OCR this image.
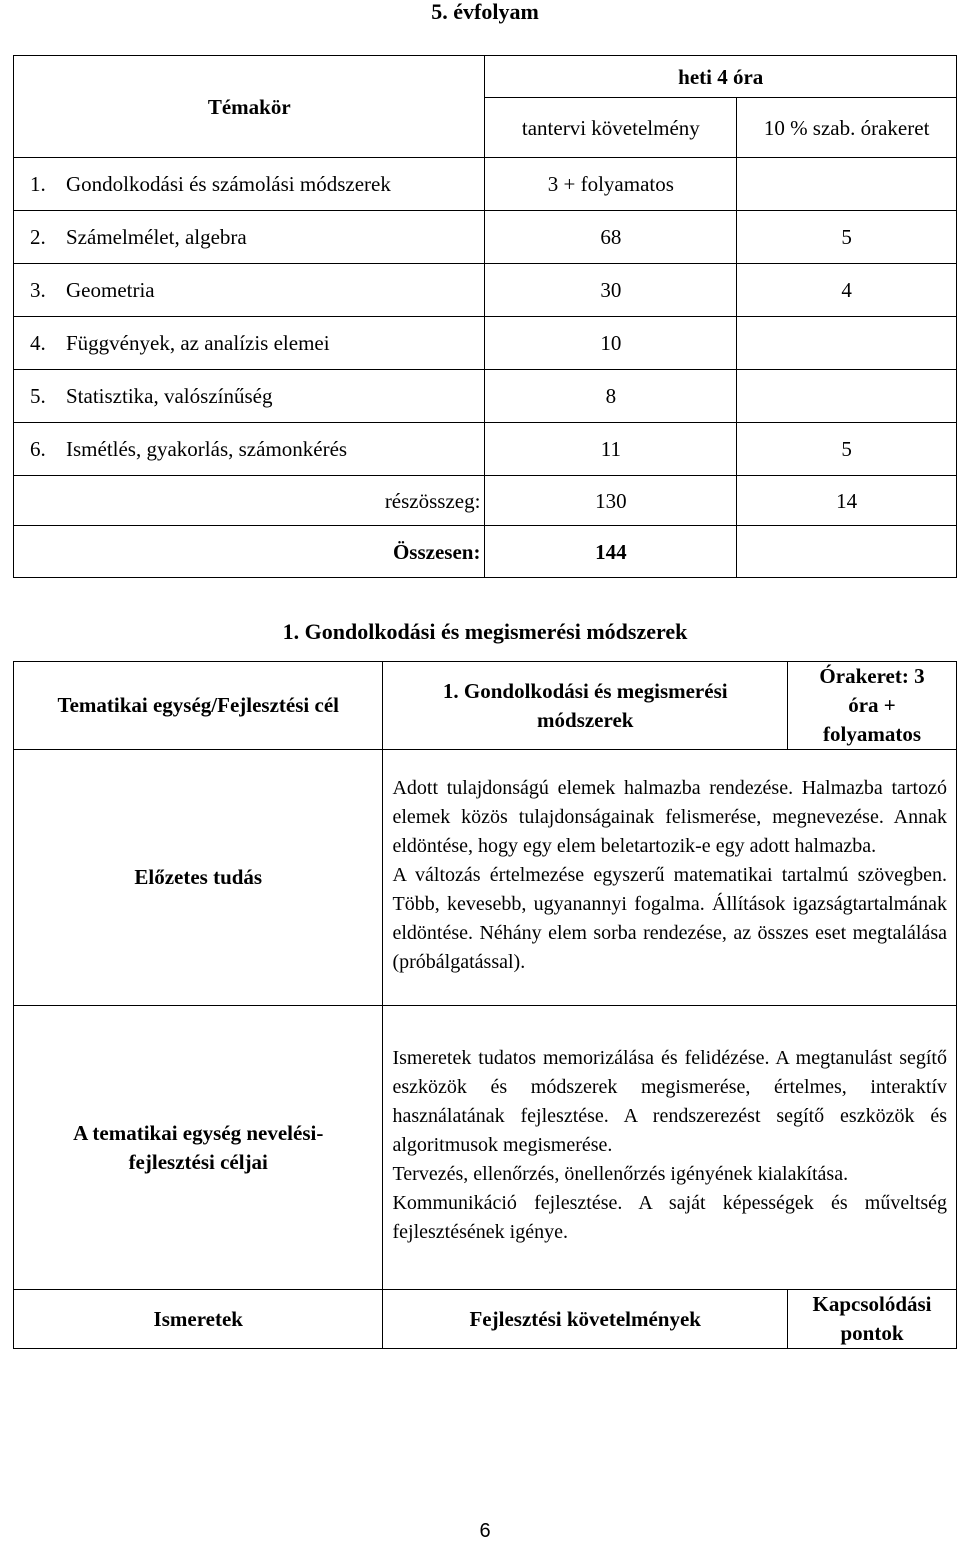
5. évfolyam
Témakör	heti 4 óra	
	tantervi követelmény	10 % szab. órakeret
1. Gondolkodási és számolási módszerek	3 + folyamatos	
2. Számelmélet, algebra	68	5
3. Geometria	30	4
4. Függvények, az analízis elemei	10	
5. Statisztika, valószínűség	8	
6. Ismétlés, gyakorlás, számonkérés	11	5
részösszeg:	130	14
Összesen:	144	
1. Gondolkodási és megismerési módszerek
Tematikai egység/Fejlesztési cél	1. Gondolkodási és megismerési módszerek	Órakeret: 3 óra + folyamatos
Előzetes tudás	Adott tulajdonságú elemek halmazba rendezése. Halmazba tartozó elemek közös tulajdonságainak felismerése, megnevezése. Annak eldöntése, hogy egy elem beletartozik-e egy adott halmazba.

A változás értelmezése egyszerű matematikai tartalmú szövegben. Több, kevesebb, ugyanannyi fogalma. Állítások igazságtartalmának eldöntése. Néhány elem sorba rendezése, az összes eset megtalálása (próbálgatással).	

A tematikai egység nevelési-fejlesztési céljai	Ismeretek tudatos memorizálása és felidézése. A megtanulást segítő eszközök és módszerek megismerése, értelmes, interaktív használatának fejlesztése. A rendszerezést segítő eszközök és algoritmusok megismerése.

Tervezés, ellenőrzés, önellenőrzés igényének kialakítása.

Kommunikáció fejlesztése. A saját képességek és műveltség fejlesztésének igénye.	

Ismeretek	Fejlesztési követelmények	Kapcsolódási pontok
6
